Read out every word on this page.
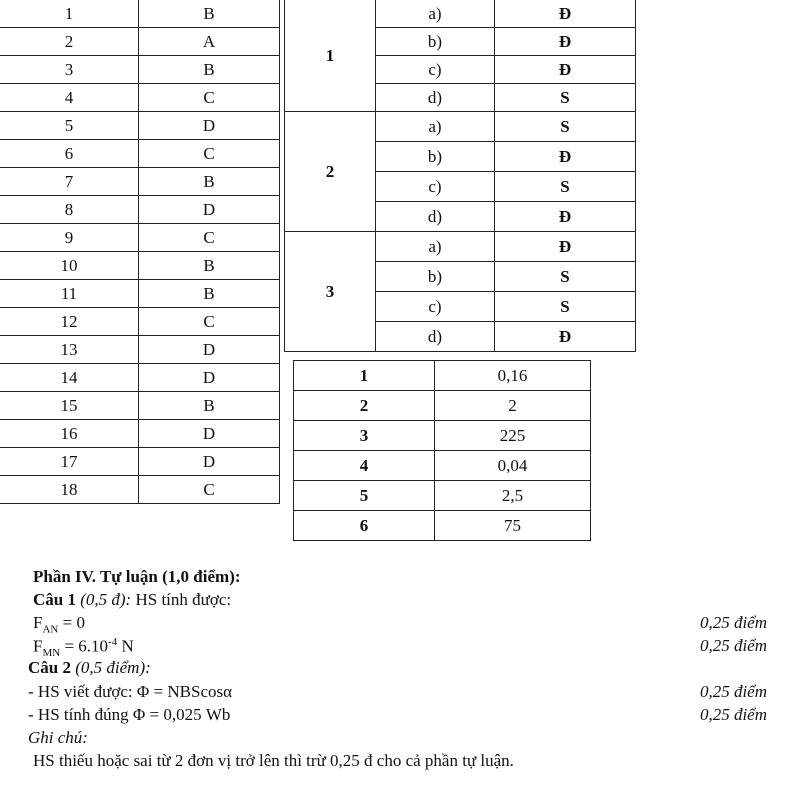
1	B
2	A
3	B
4	C
5	D
6	C
7	B
8	D
9	C
10	B
11	B
12	C
13	D
14	D
15	B
16	D
17	D
18	C
1	a)	Đ
	b)	Đ
	c)	Đ
	d)	S
2	a)	S
	b)	Đ
	c)	S
	d)	Đ
3	a)	Đ
	b)	S
	c)	S
	d)	Đ
1	0,16
2	2
3	225
4	0,04
5	2,5
6	75
Phần IV. Tự luận (1,0 điểm):
Câu 1 (0,5 đ): HS tính được:
$F_{AN} = 0$	0,25 điểm
$F_{MN} = 6.10^{-4}$ N	0,25 điểm
Câu 2 (0,5 điểm):
- HS viết được: Φ = NBScosα	0,25 điểm
- HS tính đúng Φ = 0,025 Wb	0,25 điểm
Ghi chú:
HS thiếu hoặc sai từ 2 đơn vị trở lên thì trừ 0,25 đ cho cả phần tự luận.
